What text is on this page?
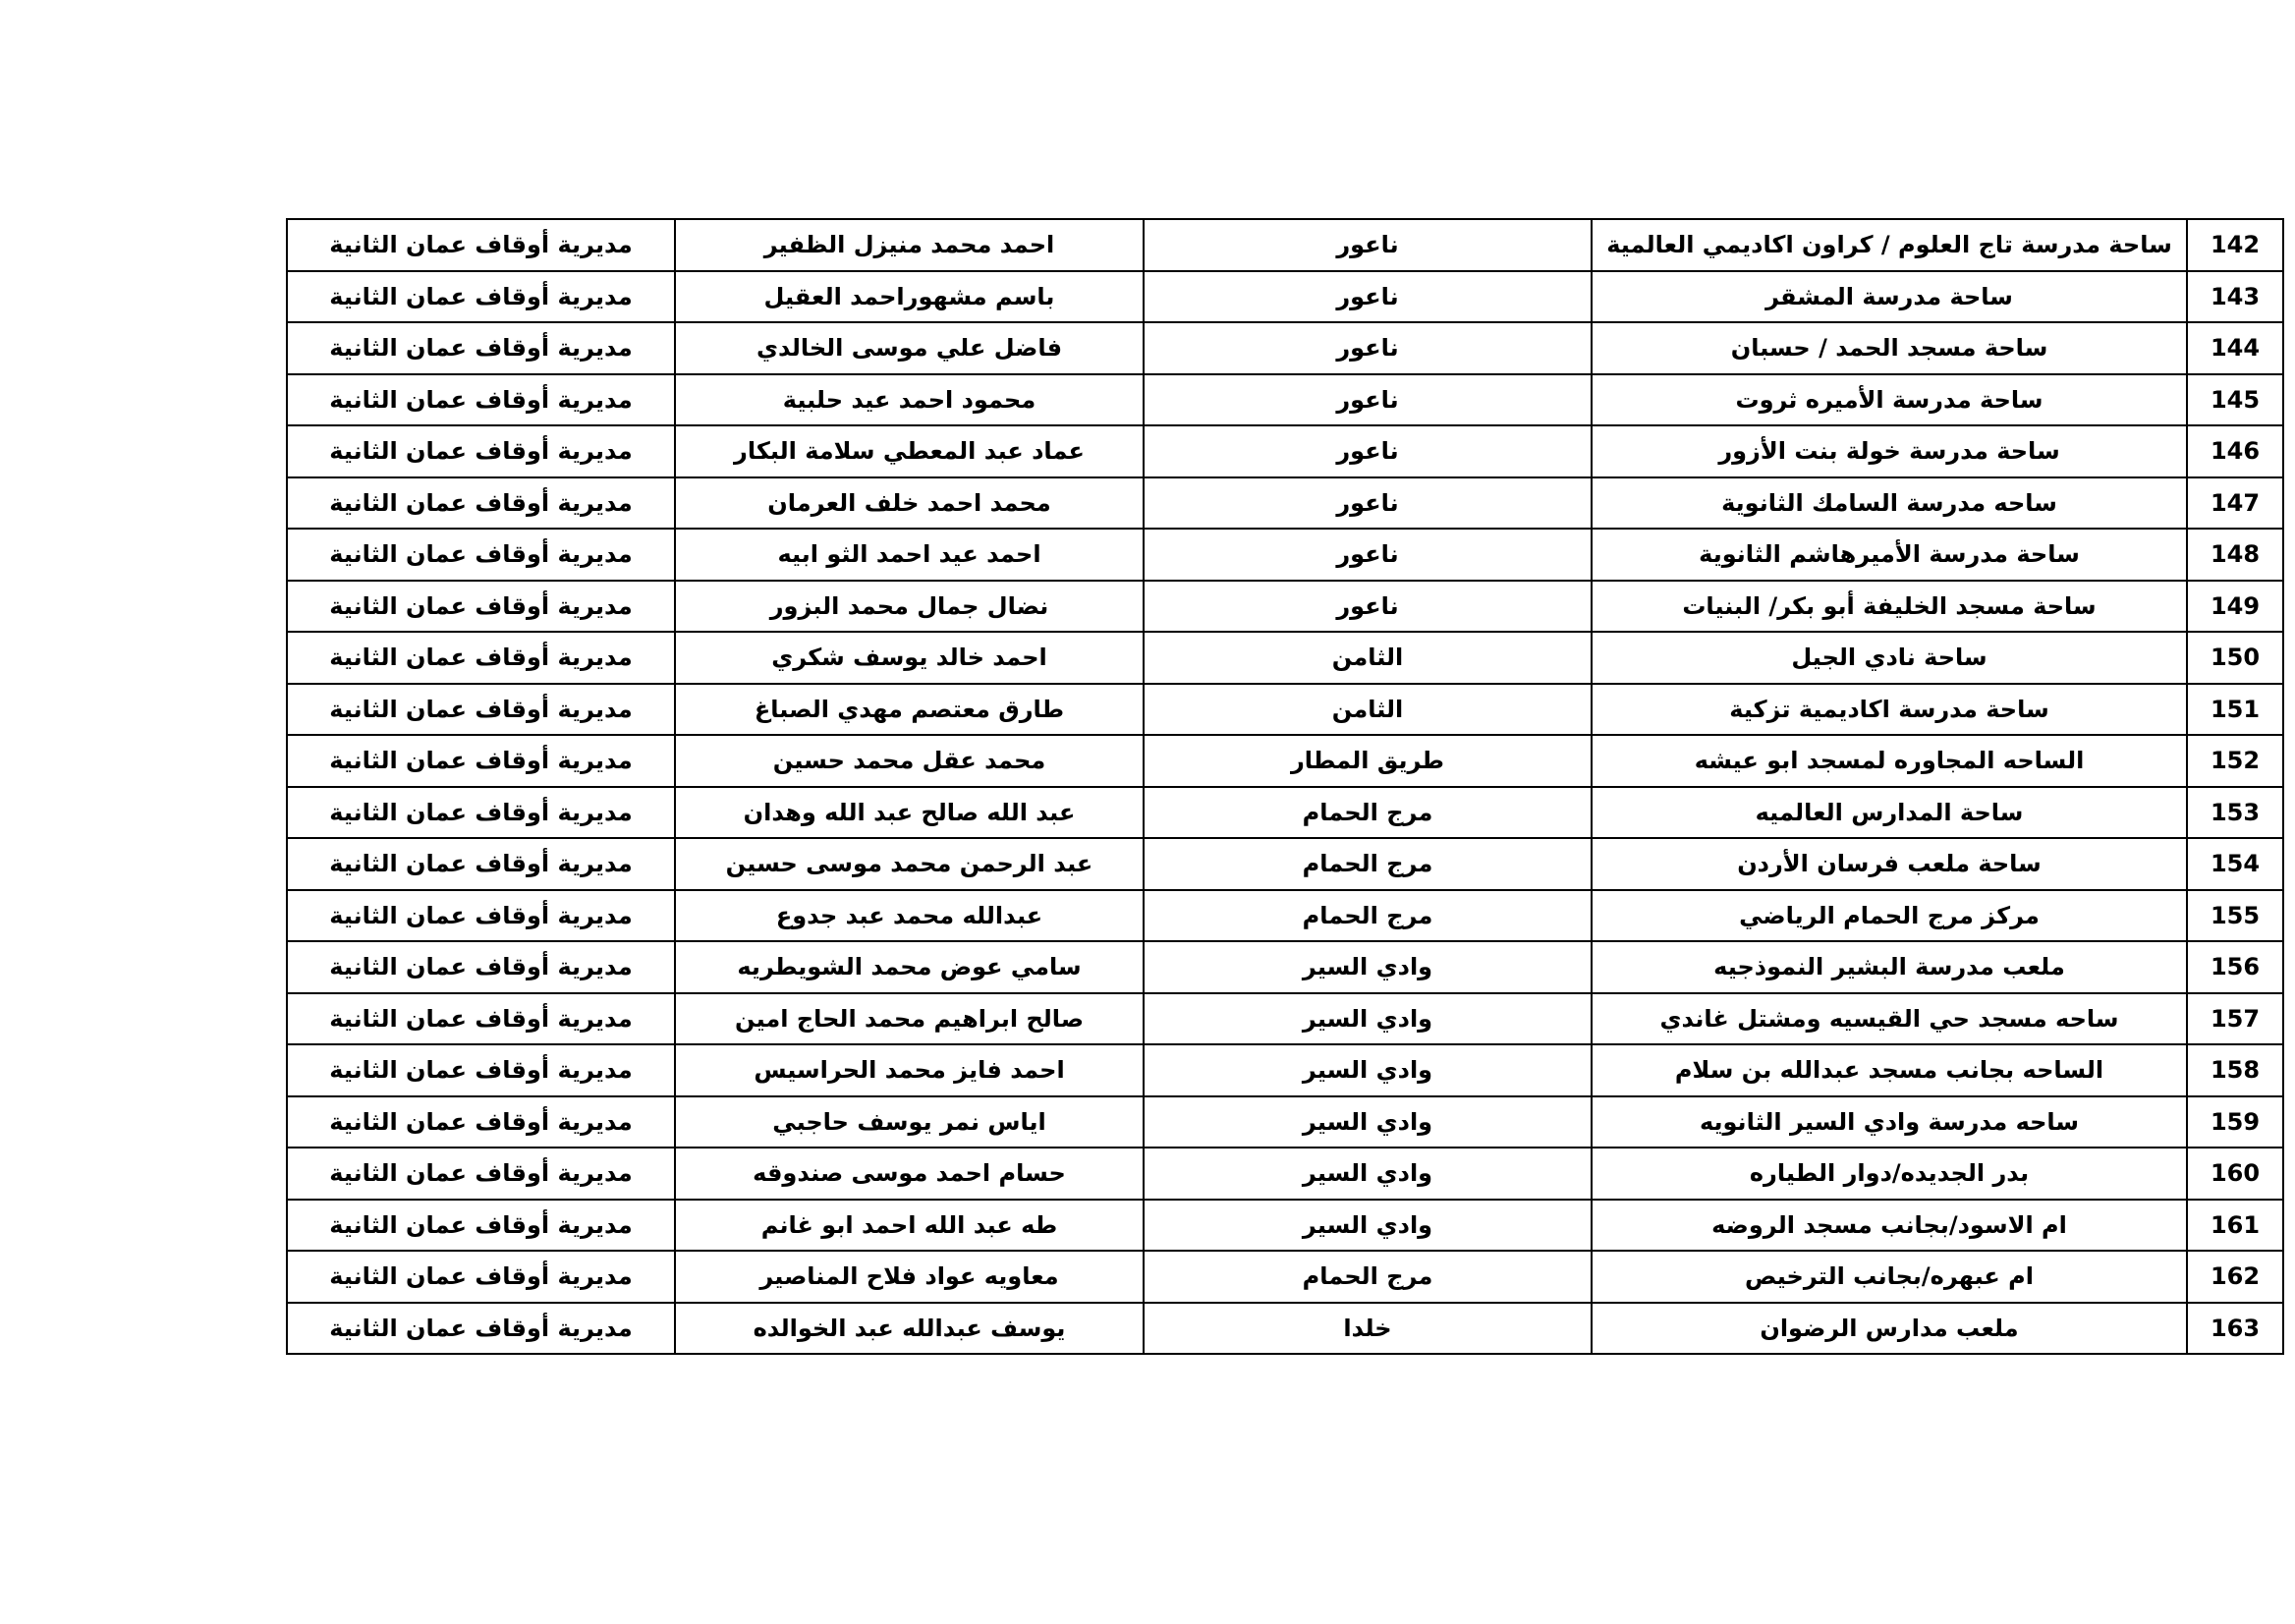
142	ساحة مدرسة تاج العلوم / كراون اكاديمي العالمية	ناعور	احمد محمد منيزل الظفير	مديرية أوقاف عمان الثانية
143	ساحة مدرسة المشقر	ناعور	باسم مشهوراحمد العقيل	مديرية أوقاف عمان الثانية
144	ساحة مسجد الحمد / حسبان	ناعور	فاضل علي موسى الخالدي	مديرية أوقاف عمان الثانية
145	ساحة مدرسة الأميره ثروت	ناعور	محمود احمد عيد حلبية	مديرية أوقاف عمان الثانية
146	ساحة مدرسة خولة بنت الأزور	ناعور	عماد عبد المعطي سلامة البكار	مديرية أوقاف عمان الثانية
147	ساحه مدرسة السامك الثانوية	ناعور	محمد احمد خلف العرمان	مديرية أوقاف عمان الثانية
148	ساحة مدرسة الأميرهاشم الثانوية	ناعور	احمد عيد احمد الثو ابيه	مديرية أوقاف عمان الثانية
149	ساحة مسجد الخليفة أبو بكر/ البنيات	ناعور	نضال جمال محمد البزور	مديرية أوقاف عمان الثانية
150	ساحة نادي الجيل	الثامن	احمد خالد يوسف شكري	مديرية أوقاف عمان الثانية
151	ساحة مدرسة اكاديمية تزكية	الثامن	طارق معتصم مهدي الصباغ	مديرية أوقاف عمان الثانية
152	الساحه المجاوره لمسجد ابو عيشه	طريق المطار	محمد عقل محمد حسين	مديرية أوقاف عمان الثانية
153	ساحة المدارس العالميه	مرج الحمام	عبد الله صالح عبد الله وهدان	مديرية أوقاف عمان الثانية
154	ساحة ملعب فرسان الأردن	مرج الحمام	عبد الرحمن محمد موسى حسين	مديرية أوقاف عمان الثانية
155	مركز مرج الحمام الرياضي	مرج الحمام	عبدالله محمد عبد جدوع	مديرية أوقاف عمان الثانية
156	ملعب مدرسة البشير النموذجيه	وادي السير	سامي عوض محمد الشويطريه	مديرية أوقاف عمان الثانية
157	ساحه مسجد حي القيسيه ومشتل غاندي	وادي السير	صالح ابراهيم محمد الحاج امين	مديرية أوقاف عمان الثانية
158	الساحه بجانب مسجد عبدالله بن سلام	وادي السير	احمد فايز محمد الحراسيس	مديرية أوقاف عمان الثانية
159	ساحه مدرسة وادي السير الثانويه	وادي السير	اياس نمر يوسف حاجبي	مديرية أوقاف عمان الثانية
160	بدر الجديده/دوار الطياره	وادي السير	حسام احمد موسى صندوقه	مديرية أوقاف عمان الثانية
161	ام الاسود/بجانب مسجد الروضه	وادي السير	طه عبد الله احمد ابو غانم	مديرية أوقاف عمان الثانية
162	ام عبهره/بجانب الترخيص	مرج الحمام	معاويه عواد فلاح المناصير	مديرية أوقاف عمان الثانية
163	ملعب مدارس الرضوان	خلدا	يوسف عبدالله عبد الخوالده	مديرية أوقاف عمان الثانية
